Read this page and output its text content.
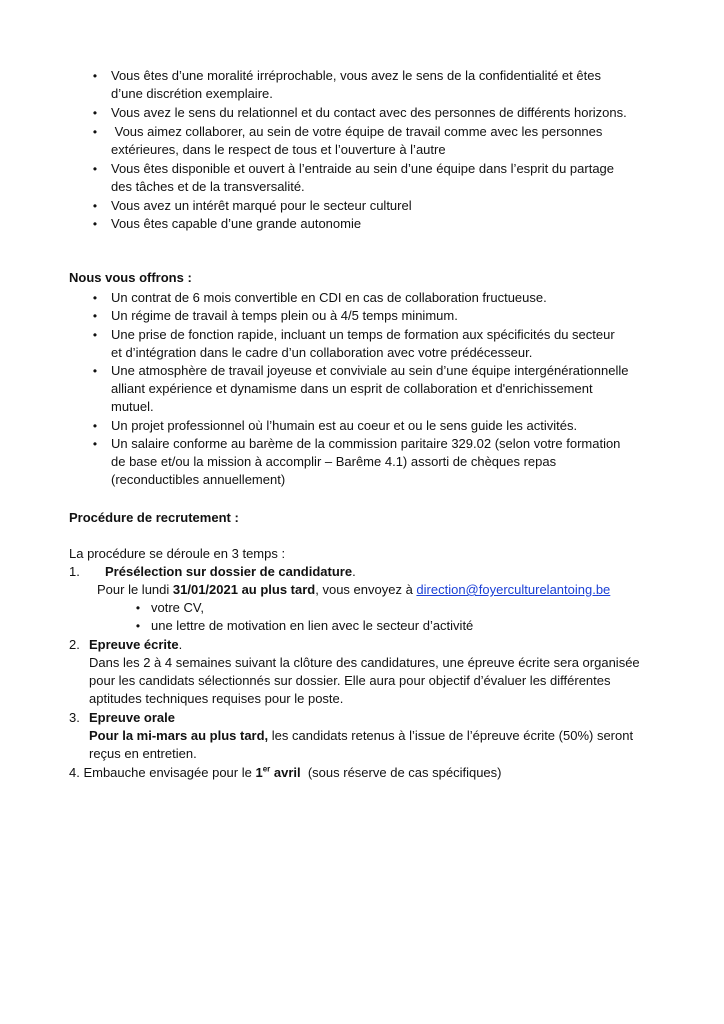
•	Vous êtes d’une moralité irréprochable, vous avez le sens de la confidentialité et êtes
d’une discrétion exemplaire.
•	Vous avez le sens du relationnel et du contact avec des personnes de différents horizons.
•	Vous aimez collaborer, au sein de votre équipe de travail comme avec les personnes
extérieures, dans le respect de tous et l’ouverture à l’autre
•	Vous êtes disponible et ouvert à l’entraide au sein d’une équipe dans l’esprit du partage
des tâches et de la transversalité.
•	Vous avez un intérêt marqué pour le secteur culturel
•	Vous êtes capable d’une grande autonomie
Nous vous offrons :
•	Un contrat de 6 mois convertible en CDI en cas de collaboration fructueuse.
•	Un régime de travail à temps plein ou à 4/5 temps minimum.
•	Une prise de fonction rapide, incluant un temps de formation aux spécificités du secteur
et d’intégration dans le cadre d’un collaboration avec votre prédécesseur.
•	Une atmosphère de travail joyeuse et conviviale au sein d’une équipe intergénérationnelle
alliant expérience et dynamisme dans un esprit de collaboration et d'enrichissement
mutuel.
•	Un projet professionnel où l’humain est au coeur et ou le sens guide les activités.
•	Un salaire conforme au barème de la commission paritaire 329.02 (selon votre formation
de base et/ou la mission à accomplir – Barême 4.1) assorti de chèques repas
(reconductibles annuellement)
Procédure de recrutement :
La procédure se déroule en 3 temps :
1. Présélection sur dossier de candidature.
Pour le lundi 31/01/2021 au plus tard, vous envoyez à direction@foyerculturelantoing.be
• votre CV,
• une lettre de motivation en lien avec le secteur d’activité
2. Epreuve écrite.
Dans les 2 à 4 semaines suivant la clôture des candidatures, une épreuve écrite sera organisée
pour les candidats sélectionnés sur dossier. Elle aura pour objectif d’évaluer les différentes
aptitudes techniques requises pour le poste.
3. Epreuve orale
Pour la mi-mars au plus tard, les candidats retenus à l’issue de l’épreuve écrite (50%) seront
reçus en entretien.
4. Embauche envisagée pour le 1er avril  (sous réserve de cas spécifiques)
